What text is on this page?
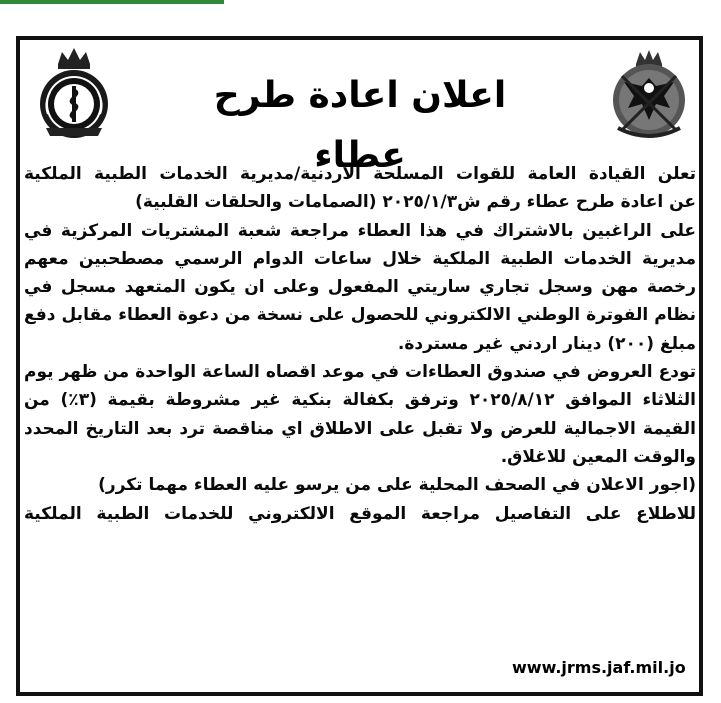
اعلان اعادة طرح عطاء

تعلن القيادة العامة للقوات المسلحة الاردنية/مديرية الخدمات الطبية الملكية

عن اعادة طرح عطاء رقم ش٢٠٢٥/١/٣ (الصمامات والحلقات القلبية)

على الراغبين بالاشتراك في هذا العطاء مراجعة شعبة المشتريات المركزية في مديرية الخدمات الطبية الملكية خلال ساعات الدوام الرسمي مصطحبين معهم رخصة مهن وسجل تجاري ساريتي المفعول وعلى ان يكون المتعهد مسجل في نظام الفوترة الوطني الالكتروني للحصول على نسخة من دعوة العطاء مقابل دفع مبلغ (٢٠٠) دينار اردني غير مستردة.

تودع العروض في صندوق العطاءات في موعد اقصاه الساعة الواحدة من ظهر يوم الثلاثاء الموافق ٢٠٢٥/٨/١٢ وترفق بكفالة بنكية غير مشروطة بقيمة (٣٪) من القيمة الاجمالية للعرض ولا تقبل على الاطلاق اي مناقصة ترد بعد التاريخ المحدد والوقت المعين للاغلاق.

(اجور الاعلان في الصحف المحلية على من يرسو عليه العطاء مهما تكرر)

للاطلاع على التفاصيل مراجعة الموقع الالكتروني للخدمات الطبية الملكية

www.jrms.jaf.mil.jo
